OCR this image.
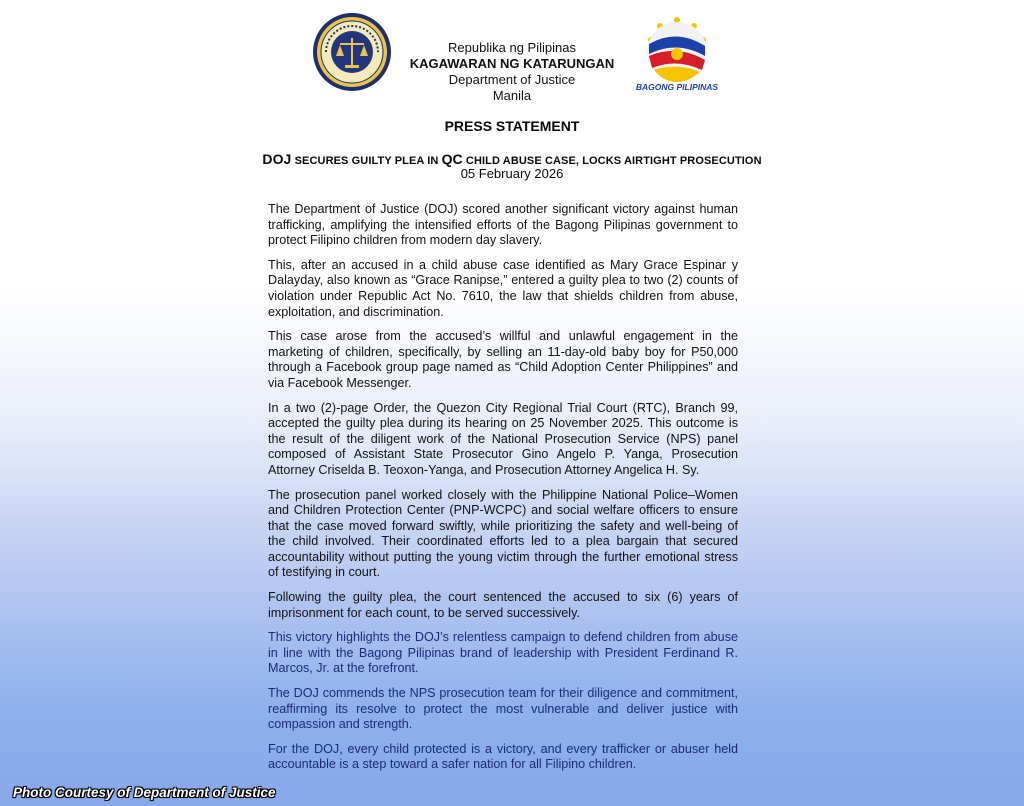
Republika ng Pilipinas
KAGAWARAN NG KATARUNGAN
Department of Justice
Manila
BAGONG PILIPINAS
PRESS STATEMENT
DOJ SECURES GUILTY PLEA IN QC CHILD ABUSE CASE, LOCKS AIRTIGHT PROSECUTION
05 February 2026

The Department of Justice (DOJ) scored another significant victory against human trafficking, amplifying the intensified efforts of the Bagong Pilipinas government to protect Filipino children from modern day slavery.

This, after an accused in a child abuse case identified as Mary Grace Espinar y Dalayday, also known as “Grace Ranipse,” entered a guilty plea to two (2) counts of violation under Republic Act No. 7610, the law that shields children from abuse, exploitation, and discrimination.

This case arose from the accused’s willful and unlawful engagement in the marketing of children, specifically, by selling an 11-day-old baby boy for P50,000 through a Facebook group page named as “Child Adoption Center Philippines” and via Facebook Messenger.

In a two (2)-page Order, the Quezon City Regional Trial Court (RTC), Branch 99, accepted the guilty plea during its hearing on 25 November 2025. This outcome is the result of the diligent work of the National Prosecution Service (NPS) panel composed of Assistant State Prosecutor Gino Angelo P. Yanga, Prosecution Attorney Criselda B. Teoxon-Yanga, and Prosecution Attorney Angelica H. Sy.

The prosecution panel worked closely with the Philippine National Police–Women and Children Protection Center (PNP-WCPC) and social welfare officers to ensure that the case moved forward swiftly, while prioritizing the safety and well-being of the child involved. Their coordinated efforts led to a plea bargain that secured accountability without putting the young victim through the further emotional stress of testifying in court.

Following the guilty plea, the court sentenced the accused to six (6) years of imprisonment for each count, to be served successively.

This victory highlights the DOJ’s relentless campaign to defend children from abuse in line with the Bagong Pilipinas brand of leadership with President Ferdinand R. Marcos, Jr. at the forefront.

The DOJ commends the NPS prosecution team for their diligence and commitment, reaffirming its resolve to protect the most vulnerable and deliver justice with compassion and strength.

For the DOJ, every child protected is a victory, and every trafficker or abuser held accountable is a step toward a safer nation for all Filipino children.

Photo Courtesy of Department of Justice
